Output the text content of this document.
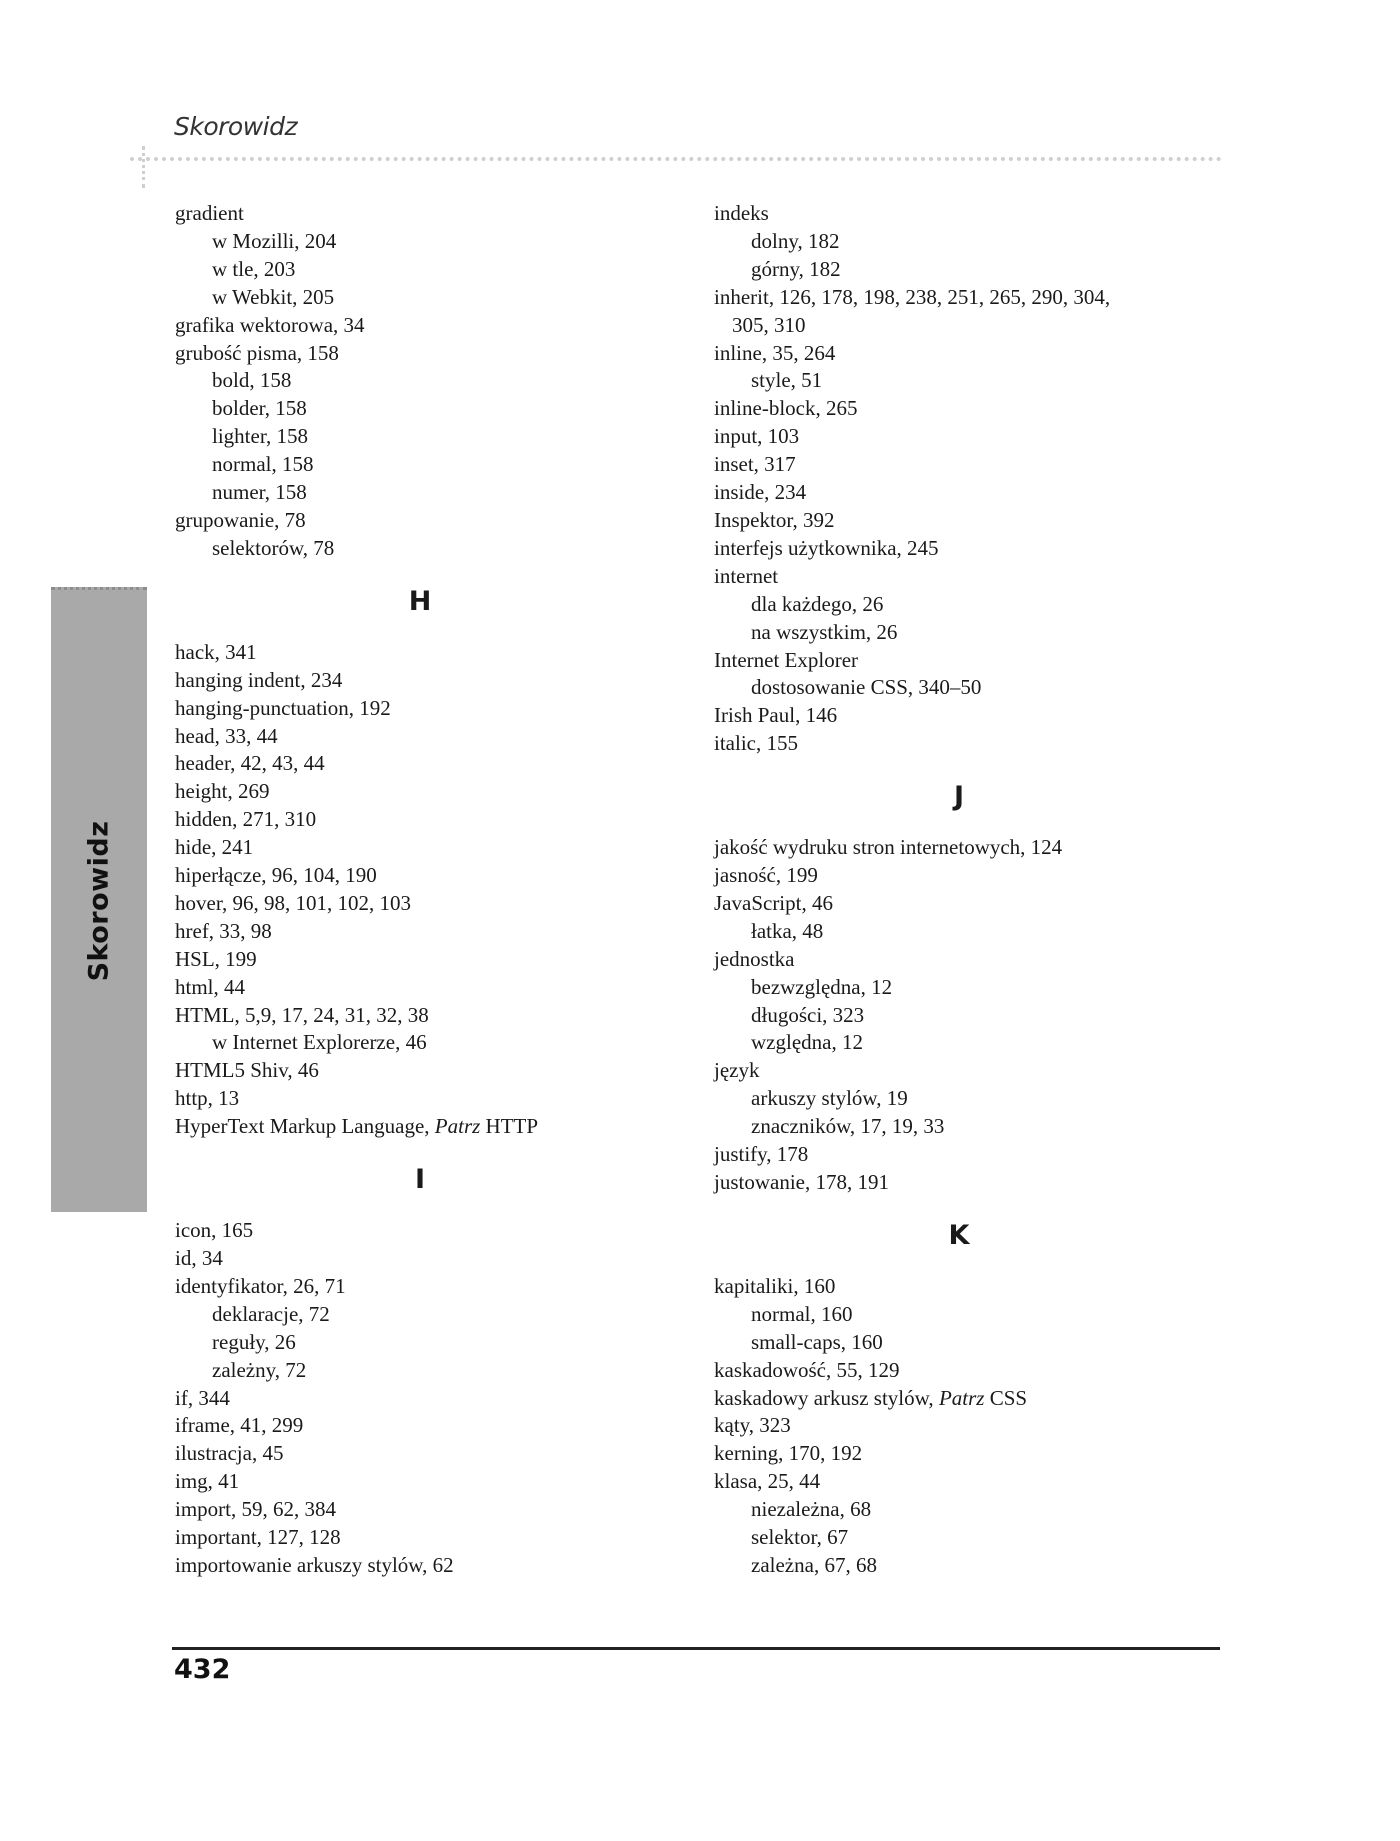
Skorowidz
Skorowidz
gradient
w Mozilli, 204
w tle, 203
w Webkit, 205
grafika wektorowa, 34
grubość pisma, 158
bold, 158
bolder, 158
lighter, 158
normal, 158
numer, 158
grupowanie, 78
selektorów, 78
H
hack, 341
hanging indent, 234
hanging-punctuation, 192
head, 33, 44
header, 42, 43, 44
height, 269
hidden, 271, 310
hide, 241
hiperłącze, 96, 104, 190
hover, 96, 98, 101, 102, 103
href, 33, 98
HSL, 199
html, 44
HTML, 5,9, 17, 24, 31, 32, 38
w Internet Explorerze, 46
HTML5 Shiv, 46
http, 13
HyperText Markup Language, Patrz HTTP
I
icon, 165
id, 34
identyfikator, 26, 71
deklaracje, 72
reguły, 26
zależny, 72
if, 344
iframe, 41, 299
ilustracja, 45
img, 41
import, 59, 62, 384
important, 127, 128
importowanie arkuszy stylów, 62
indeks
dolny, 182
górny, 182
inherit, 126, 178, 198, 238, 251, 265, 290, 304,
305, 310
inline, 35, 264
style, 51
inline-block, 265
input, 103
inset, 317
inside, 234
Inspektor, 392
interfejs użytkownika, 245
internet
dla każdego, 26
na wszystkim, 26
Internet Explorer
dostosowanie CSS, 340–50
Irish Paul, 146
italic, 155
J
jakość wydruku stron internetowych, 124
jasność, 199
JavaScript, 46
łatka, 48
jednostka
bezwzględna, 12
długości, 323
względna, 12
język
arkuszy stylów, 19
znaczników, 17, 19, 33
justify, 178
justowanie, 178, 191
K
kapitaliki, 160
normal, 160
small-caps, 160
kaskadowość, 55, 129
kaskadowy arkusz stylów, Patrz CSS
kąty, 323
kerning, 170, 192
klasa, 25, 44
niezależna, 68
selektor, 67
zależna, 67, 68
432
